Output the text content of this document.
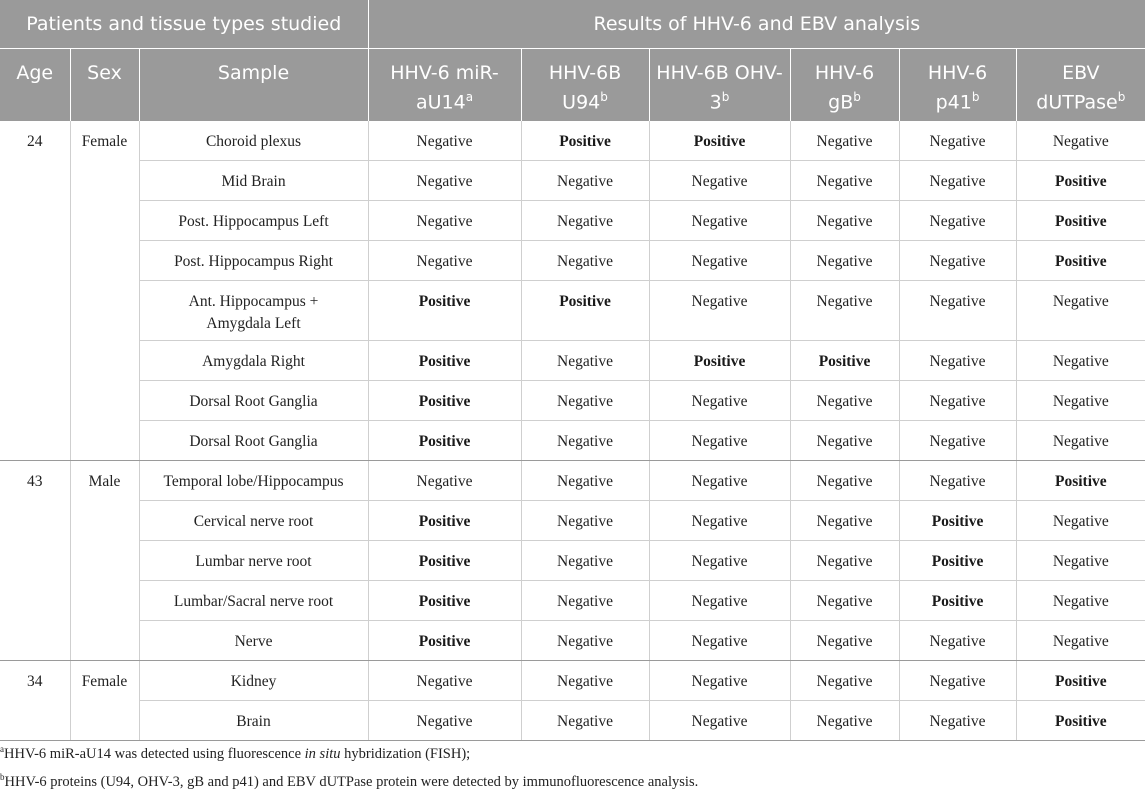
Patients and tissue types studied			Results of HHV-6 and EBV analysis					
Age	Sex	Sample	HHV-6 miR-aU14$^a$	HHV-6B U94$^b$	HHV-6B OHV-3$^b$	HHV-6 $gB^b$	HHV-6 p41$^b$	EBV dUTPase$^b$
24	Female	Choroid plexus	Negative	Positive	Positive	Negative	Negative	Negative
		Mid Brain	Negative	Negative	Negative	Negative	Negative	Positive
		Post. Hippocampus Left	Negative	Negative	Negative	Negative	Negative	Positive
		Post. Hippocampus Right	Negative	Negative	Negative	Negative	Negative	Positive
		Ant. Hippocampus + Amygdala Left	Positive	Positive	Negative	Negative	Negative	Negative
		Amygdala Right	Positive	Negative	Positive	Positive	Negative	Negative
		Dorsal Root Ganglia	Positive	Negative	Negative	Negative	Negative	Negative
		Dorsal Root Ganglia	Positive	Negative	Negative	Negative	Negative	Negative
43	Male	Temporal lobe/Hippocampus	Negative	Negative	Negative	Negative	Negative	Positive
		Cervical nerve root	Positive	Negative	Negative	Negative	Positive	Negative
		Lumbar nerve root	Positive	Negative	Negative	Negative	Positive	Negative
		Lumbar/Sacral nerve root	Positive	Negative	Negative	Negative	Positive	Negative
		Nerve	Positive	Negative	Negative	Negative	Negative	Negative
34	Female	Kidney	Negative	Negative	Negative	Negative	Negative	Positive
		Brain	Negative	Negative	Negative	Negative	Negative	Positive
$^a$HHV-6 miR-aU14 was detected using fluorescence in situ hybridization (FISH);
$^b$HHV-6 proteins (U94, OHV-3, gB and p41) and EBV dUTPase protein were detected by immunofluorescence analysis.
